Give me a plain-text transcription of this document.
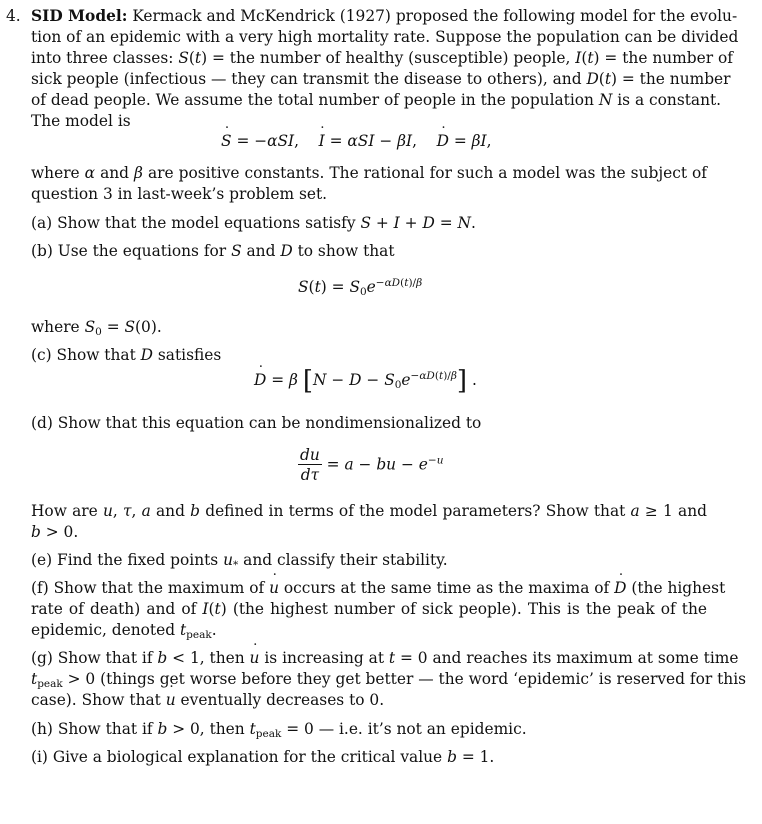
4. SID Model: Kermack and McKendrick (1927) proposed the following model for the evolu-
tion of an epidemic with a very high mortality rate. Suppose the population can be divided
into three classes: S(t) = the number of healthy (susceptible) people, I(t) = the number of
sick people (infectious — they can transmit the disease to others), and D(t) = the number
of dead people. We assume the total number of people in the population N is a constant.
The model is
S ˙ = −αSI,    I ˙ = αSI − βI,    D ˙ = βI,
where α and β are positive constants. The rational for such a model was the subject of
question 3 in last-week’s problem set.
(a) Show that the model equations satisfy S + I + D = N.
(b) Use the equations for S and D to show that
$S(t) = S_0e^{-\alpha D(t)/\beta}$
where $S_0 = S(0)$.
(c) Show that D satisfies
D ˙ = β $[N - D - S_0e^{-\alpha D(t)/\beta}]$ .
(d) Show that this equation can be nondimensionalized to
$\frac{du}{d\tau} = a$ − bu − $e^{-u}$
How are u, τ, a and b defined in terms of the model parameters? Show that a ≥ 1 and
b > 0.
(e) Find the fixed points $u_*$ and classify their stability.
(f) Show that the maximum of u ˙ occurs at the same time as the maxima of D ˙ (the highest
rate of death) and of I(t) (the highest number of sick people). This is the peak of the
epidemic, denoted $t_{peak}$.
(g) Show that if b < 1, then u ˙ is increasing at t = 0 and reaches its maximum at some time
$t_{peak} > 0$ (things get worse before they get better — the word ‘epidemic’ is reserved for this
case). Show that u ˙ eventually decreases to 0.
(h) Show that if b > 0, then $t_{peak} = 0$ — i.e. it’s not an epidemic.
(i) Give a biological explanation for the critical value b = 1.
